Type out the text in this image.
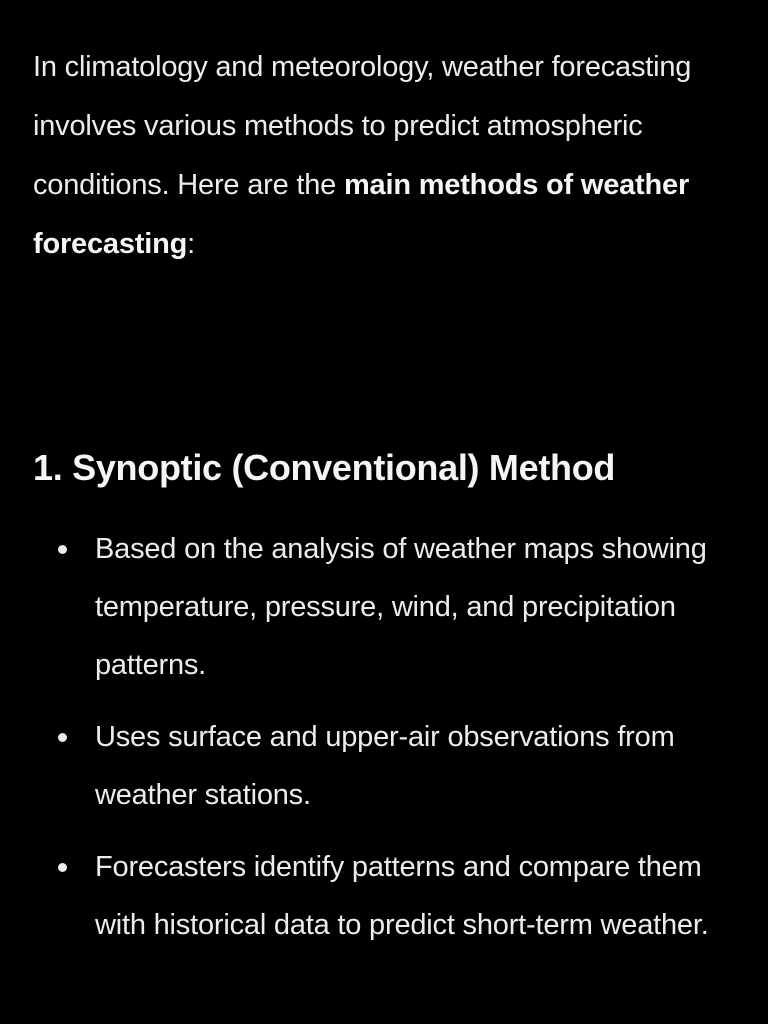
In climatology and meteorology, weather forecasting involves various methods to predict atmospheric conditions. Here are the main methods of weather forecasting:

1. Synoptic (Conventional) Method
Based on the analysis of weather maps showing temperature, pressure, wind, and precipitation patterns.
Uses surface and upper-air observations from weather stations.
Forecasters identify patterns and compare them with historical data to predict short-term weather.
